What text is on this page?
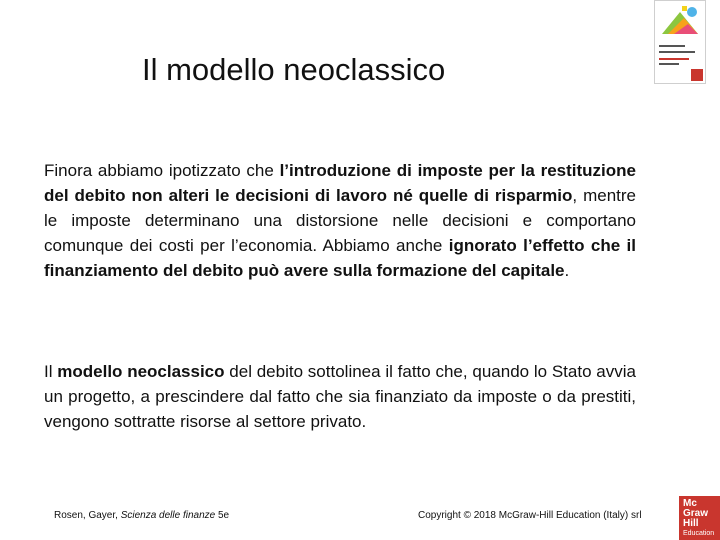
Il modello neoclassico

Finora abbiamo ipotizzato che l’introduzione di imposte per la restituzione del debito non alteri le decisioni di lavoro né quelle di risparmio, mentre le imposte determinano una distorsione nelle decisioni e comportano comunque dei costi per l’economia. Abbiamo anche ignorato l’effetto che il finanziamento del debito può avere sulla formazione del capitale.

Il modello neoclassico del debito sottolinea il fatto che, quando lo Stato avvia un progetto, a prescindere dal fatto che sia finanziato da imposte o da prestiti, vengono sottratte risorse al settore privato.

Rosen, Gayer, Scienza delle finanze 5e	Copyright © 2018 McGraw-Hill Education (Italy) srl
Mc
Graw
Hill
Education
